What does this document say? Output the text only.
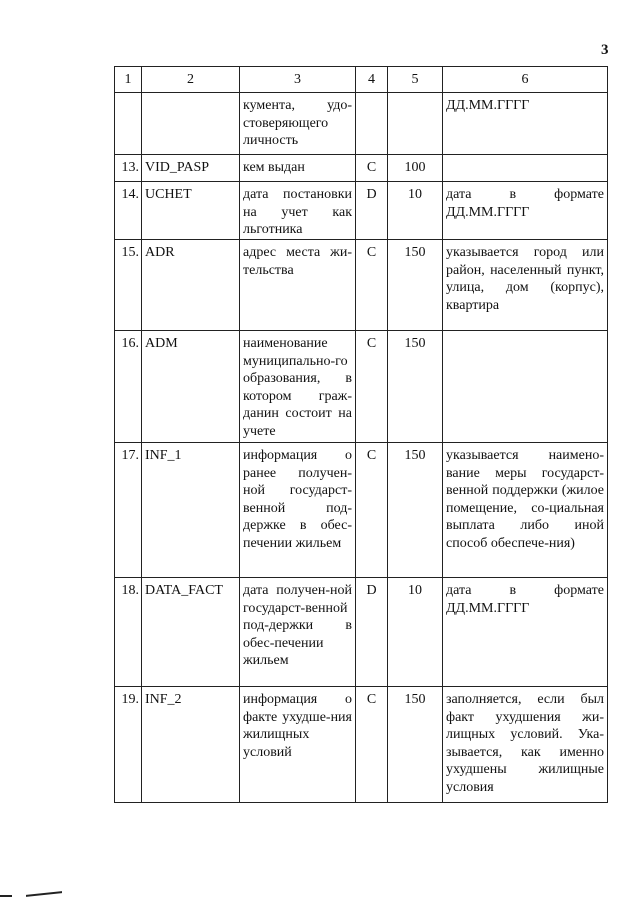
3
1	2	3	4	5	6
		кумента, удо-стоверяющего личность			ДД.ММ.ГГГГ
13.	VID_PASP	кем выдан	C	100	
14.	UCHET	дата постановки на учет как льготника	D	10	дата в формате ДД.ММ.ГГГГ
15.	ADR	адрес места жи-тельства	C	150	указывается город или район, населенный пункт, улица, дом (корпус), квартира
16.	ADM	наименование муниципально-го образования, в котором граж-данин состоит на учете	C	150	
17.	INF_1	информация о ранее получен-ной государст-венной под-держке в обес-печении жильем	C	150	указывается наимено-вание меры государст-венной поддержки (жилое помещение, со-циальная выплата либо иной способ обеспече-ния)
18.	DATA_FACT	дата получен-ной государст-венной под-держки в обес-печении жильем	D	10	дата в формате ДД.ММ.ГГГГ
19.	INF_2	информация о факте ухудше-ния жилищных условий	C	150	заполняется, если был факт ухудшения жи-лищных условий. Ука-зывается, как именно ухудшены жилищные условия
